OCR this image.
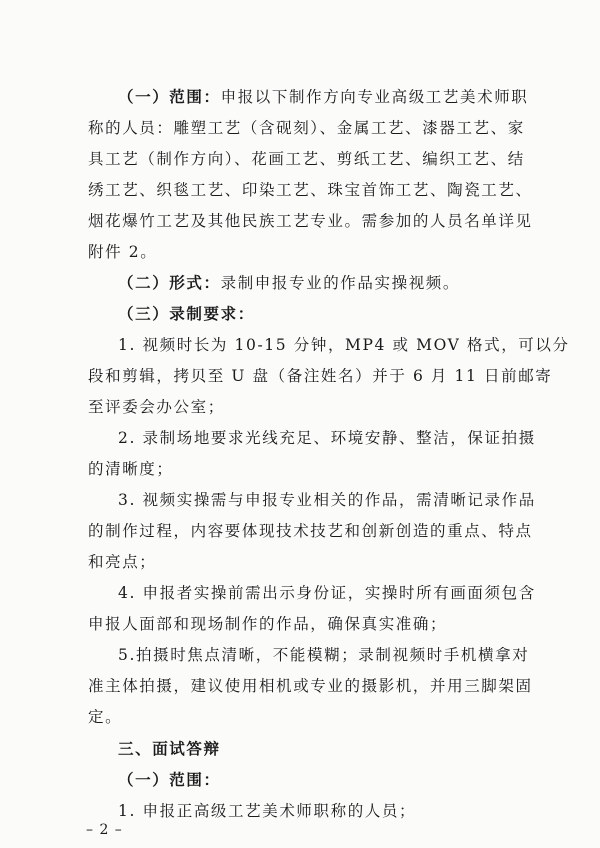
（一）范围：申报以下制作方向专业高级工艺美术师职
称的人员：雕塑工艺（含砚刻）、金属工艺、漆器工艺、家
具工艺（制作方向）、花画工艺、剪纸工艺、编织工艺、结
绣工艺、织毯工艺、印染工艺、珠宝首饰工艺、陶瓷工艺、
烟花爆竹工艺及其他民族工艺专业。需参加的人员名单详见
附件 2。
（二）形式：录制申报专业的作品实操视频。
（三）录制要求：
1. 视频时长为 10-15 分钟，MP4 或 MOV 格式，可以分
段和剪辑，拷贝至 U 盘（备注姓名）并于 6 月 11 日前邮寄
至评委会办公室；
2. 录制场地要求光线充足、环境安静、整洁，保证拍摄
的清晰度；
3. 视频实操需与申报专业相关的作品，需清晰记录作品
的制作过程，内容要体现技术技艺和创新创造的重点、特点
和亮点；
4. 申报者实操前需出示身份证，实操时所有画面须包含
申报人面部和现场制作的作品，确保真实准确；
5.拍摄时焦点清晰，不能模糊；录制视频时手机横拿对
准主体拍摄，建议使用相机或专业的摄影机，并用三脚架固
定。
三、面试答辩
（一）范围：
1. 申报正高级工艺美术师职称的人员；
– 2 –
